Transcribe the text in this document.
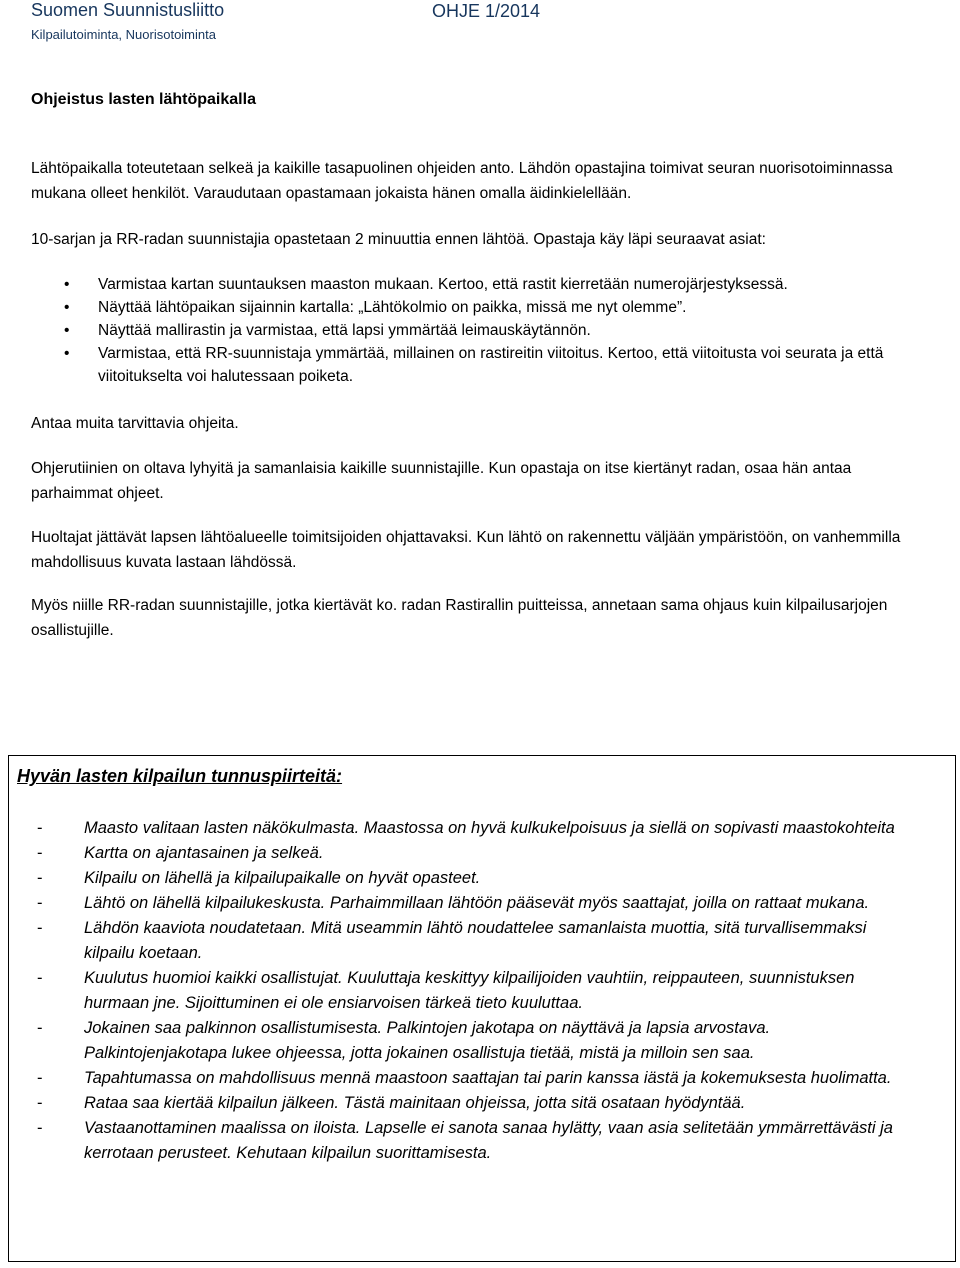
Suomen Suunnistusliitto	OHJE 1/2014
Kilpailutoiminta, Nuorisotoiminta
Ohjeistus lasten lähtöpaikalla

Lähtöpaikalla toteutetaan selkeä ja kaikille tasapuolinen ohjeiden anto. Lähdön opastajina toimivat seuran nuorisotoiminnassa mukana olleet henkilöt. Varaudutaan opastamaan jokaista hänen omalla äidinkielellään.

10-sarjan ja RR-radan suunnistajia opastetaan 2 minuuttia ennen lähtöä. Opastaja käy läpi seuraavat asiat:

• Varmistaa kartan suuntauksen maaston mukaan. Kertoo, että rastit kierretään numerojärjestyksessä.
• Näyttää lähtöpaikan sijainnin kartalla: „Lähtökolmio on paikka, missä me nyt olemme”.
• Näyttää mallirastin ja varmistaa, että lapsi ymmärtää leimauskäytännön.
• Varmistaa, että RR-suunnistaja ymmärtää, millainen on rastireitin viitoitus. Kertoo, että viitoitusta voi seurata ja että viitoitukselta voi halutessaan poiketa.

Antaa muita tarvittavia ohjeita.

Ohjerutiinien on oltava lyhyitä ja samanlaisia kaikille suunnistajille. Kun opastaja on itse kiertänyt radan, osaa hän antaa parhaimmat ohjeet.

Huoltajat jättävät lapsen lähtöalueelle toimitsijoiden ohjattavaksi. Kun lähtö on rakennettu väljään ympäristöön, on vanhemmilla mahdollisuus kuvata lastaan lähdössä.

Myös niille RR-radan suunnistajille, jotka kiertävät ko. radan Rastirallin puitteissa, annetaan sama ohjaus kuin kilpailusarjojen osallistujille.

Hyvän lasten kilpailun tunnuspiirteitä:
-	Maasto valitaan lasten näkökulmasta. Maastossa on hyvä kulkukelpoisuus ja siellä on sopivasti maastokohteita
-	Kartta on ajantasainen ja selkeä.
-	Kilpailu on lähellä ja kilpailupaikalle on hyvät opasteet.
-	Lähtö on lähellä kilpailukeskusta. Parhaimmillaan lähtöön pääsevät myös saattajat, joilla on rattaat mukana.
-	Lähdön kaaviota noudatetaan. Mitä useammin lähtö noudattelee samanlaista muottia, sitä turvallisemmaksi kilpailu koetaan.
-	Kuulutus huomioi kaikki osallistujat. Kuuluttaja keskittyy kilpailijoiden vauhtiin, reippauteen, suunnistuksen hurmaan jne. Sijoittuminen ei ole ensiarvoisen tärkeä tieto kuuluttaa.
-	Jokainen saa palkinnon osallistumisesta. Palkintojen jakotapa on näyttävä ja lapsia arvostava. Palkintojenjakotapa lukee ohjeessa, jotta jokainen osallistuja tietää, mistä ja milloin sen saa.
-	Tapahtumassa on mahdollisuus mennä maastoon saattajan tai parin kanssa iästä ja kokemuksesta huolimatta.
-	Rataa saa kiertää kilpailun jälkeen. Tästä mainitaan ohjeissa, jotta sitä osataan hyödyntää.
-	Vastaanottaminen maalissa on iloista. Lapselle ei sanota sanaa hylätty, vaan asia selitetään ymmärrettävästi ja kerrotaan perusteet. Kehutaan kilpailun suorittamisesta.
